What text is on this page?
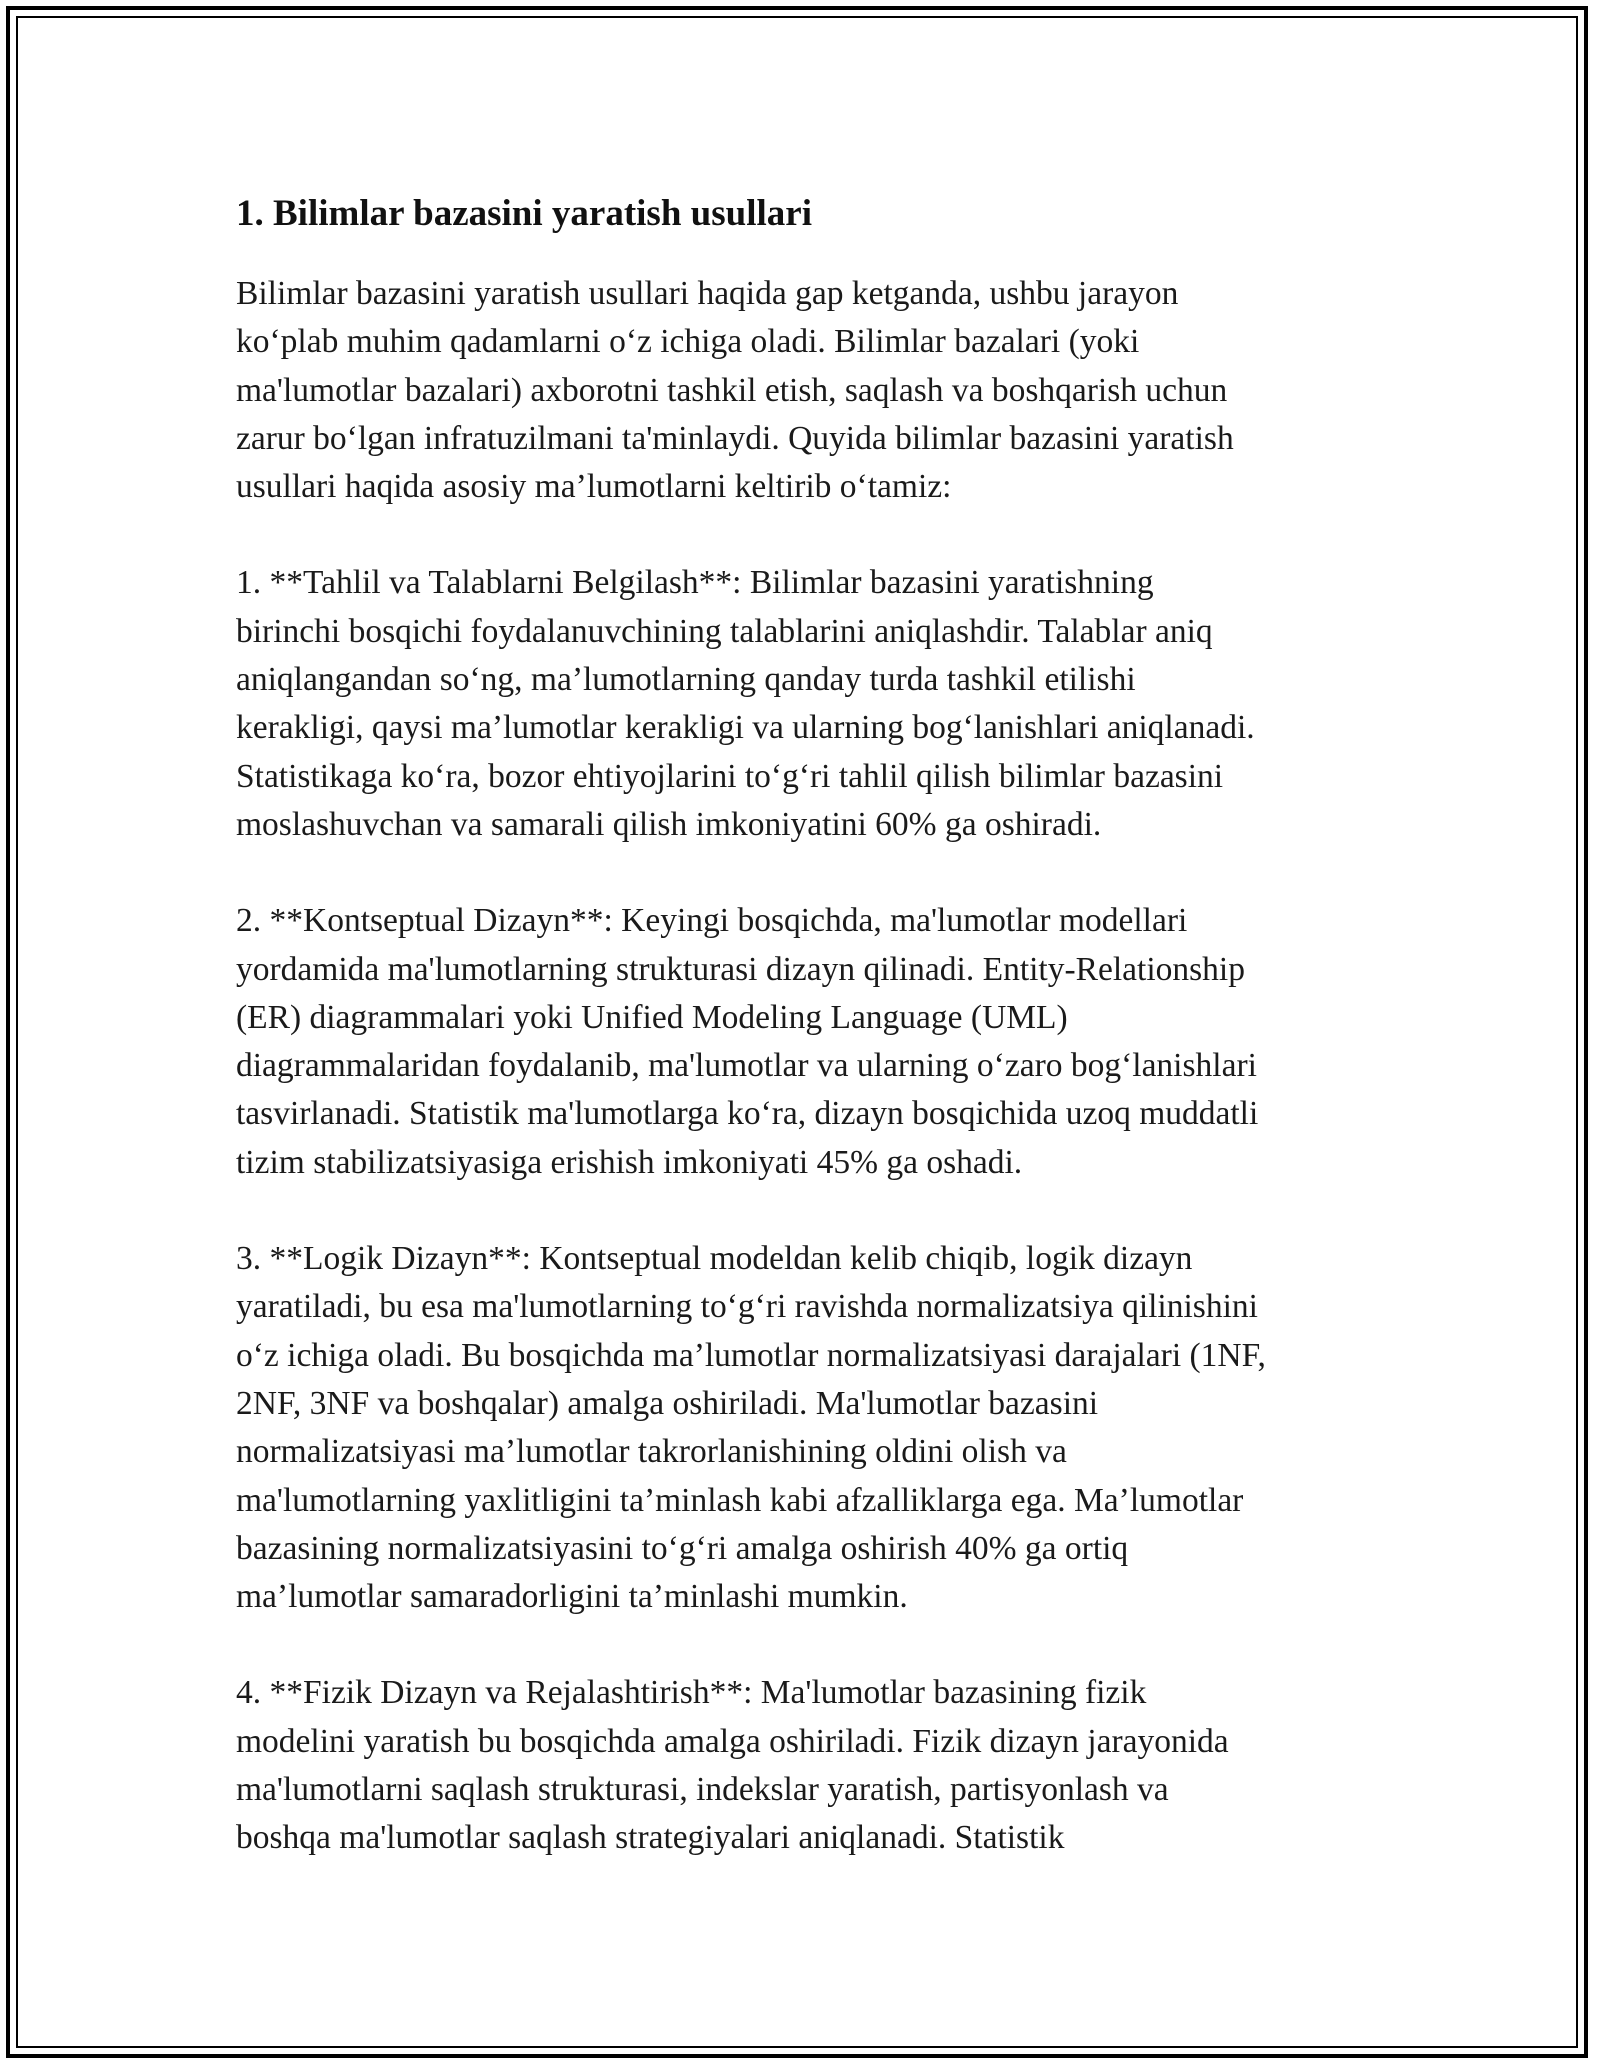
1. Bilimlar bazasini yaratish usullari

Bilimlar bazasini yaratish usullari haqida gap ketganda, ushbu jarayon
ko‘plab muhim qadamlarni o‘z ichiga oladi. Bilimlar bazalari (yoki
ma'lumotlar bazalari) axborotni tashkil etish, saqlash va boshqarish uchun
zarur bo‘lgan infratuzilmani ta'minlaydi. Quyida bilimlar bazasini yaratish
usullari haqida asosiy ma’lumotlarni keltirib o‘tamiz:

1. **Tahlil va Talablarni Belgilash**: Bilimlar bazasini yaratishning
birinchi bosqichi foydalanuvchining talablarini aniqlashdir. Talablar aniq
aniqlangandan so‘ng, ma’lumotlarning qanday turda tashkil etilishi
kerakligi, qaysi ma’lumotlar kerakligi va ularning bog‘lanishlari aniqlanadi.
Statistikaga ko‘ra, bozor ehtiyojlarini to‘g‘ri tahlil qilish bilimlar bazasini
moslashuvchan va samarali qilish imkoniyatini 60% ga oshiradi.

2. **Kontseptual Dizayn**: Keyingi bosqichda, ma'lumotlar modellari
yordamida ma'lumotlarning strukturasi dizayn qilinadi. Entity-Relationship
(ER) diagrammalari yoki Unified Modeling Language (UML)
diagrammalaridan foydalanib, ma'lumotlar va ularning o‘zaro bog‘lanishlari
tasvirlanadi. Statistik ma'lumotlarga ko‘ra, dizayn bosqichida uzoq muddatli
tizim stabilizatsiyasiga erishish imkoniyati 45% ga oshadi.

3. **Logik Dizayn**: Kontseptual modeldan kelib chiqib, logik dizayn
yaratiladi, bu esa ma'lumotlarning to‘g‘ri ravishda normalizatsiya qilinishini
o‘z ichiga oladi. Bu bosqichda ma’lumotlar normalizatsiyasi darajalari (1NF,
2NF, 3NF va boshqalar) amalga oshiriladi. Ma'lumotlar bazasini
normalizatsiyasi ma’lumotlar takrorlanishining oldini olish va
ma'lumotlarning yaxlitligini ta’minlash kabi afzalliklarga ega. Ma’lumotlar
bazasining normalizatsiyasini to‘g‘ri amalga oshirish 40% ga ortiq
ma’lumotlar samaradorligini ta’minlashi mumkin.

4. **Fizik Dizayn va Rejalashtirish**: Ma'lumotlar bazasining fizik
modelini yaratish bu bosqichda amalga oshiriladi. Fizik dizayn jarayonida
ma'lumotlarni saqlash strukturasi, indekslar yaratish, partisyonlash va
boshqa ma'lumotlar saqlash strategiyalari aniqlanadi. Statistik
